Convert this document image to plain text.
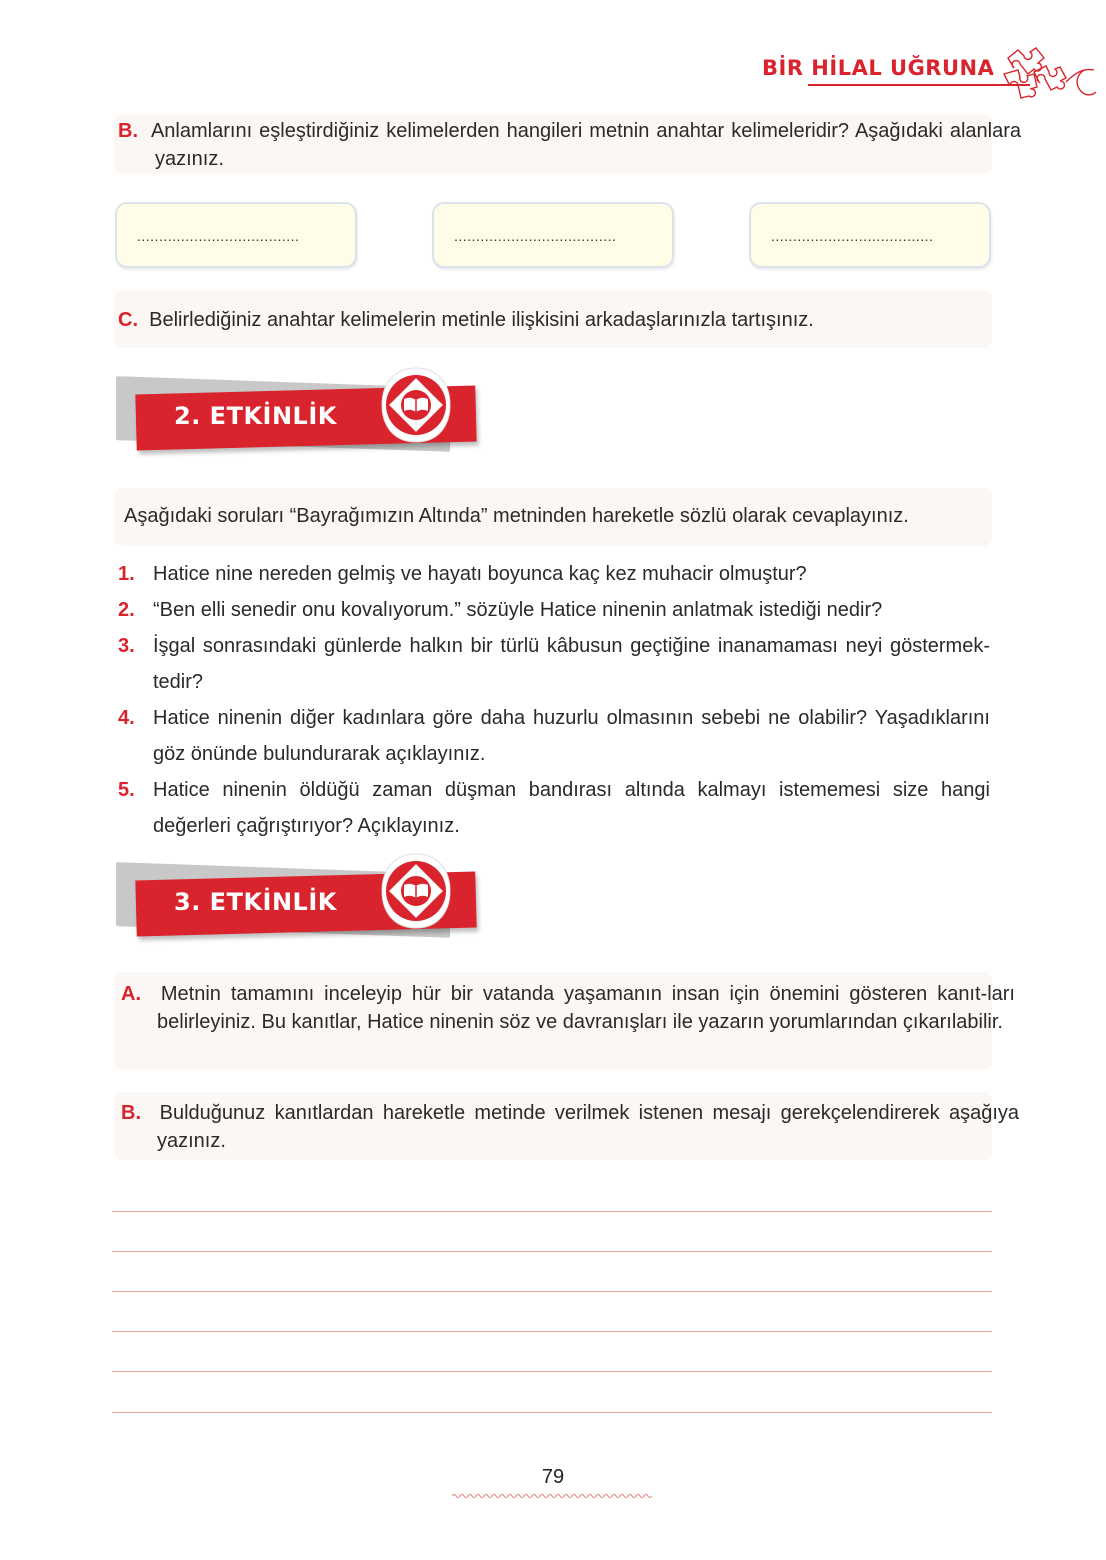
BİR HİLAL UĞRUNA
B. Anlamlarını eşleştirdiğiniz kelimelerden hangileri metnin anahtar kelimeleridir? Aşağıdaki alanlara yazınız.
.....................................	.....................................	.....................................
C. Belirlediğiniz anahtar kelimelerin metinle ilişkisini arkadaşlarınızla tartışınız.
2. ETKİNLİK
Aşağıdaki soruları “Bayrağımızın Altında” metninden hareketle sözlü olarak cevaplayınız.
1. Hatice nine nereden gelmiş ve hayatı boyunca kaç kez muhacir olmuştur?
2. “Ben elli senedir onu kovalıyorum.” sözüyle Hatice ninenin anlatmak istediği nedir?
3. İşgal sonrasındaki günlerde halkın bir türlü kâbusun geçtiğine inanamaması neyi göstermek-tedir?
4. Hatice ninenin diğer kadınlara göre daha huzurlu olmasının sebebi ne olabilir? Yaşadıklarını göz önünde bulundurarak açıklayınız.
5. Hatice ninenin öldüğü zaman düşman bandırası altında kalmayı istememesi size hangi değerleri çağrıştırıyor? Açıklayınız.
3. ETKİNLİK
A. Metnin tamamını inceleyip hür bir vatanda yaşamanın insan için önemini gösteren kanıt-ları belirleyiniz. Bu kanıtlar, Hatice ninenin söz ve davranışları ile yazarın yorumlarından çıkarılabilir.
B. Bulduğunuz kanıtlardan hareketle metinde verilmek istenen mesajı gerekçelendirerek aşağıya yazınız.
79
